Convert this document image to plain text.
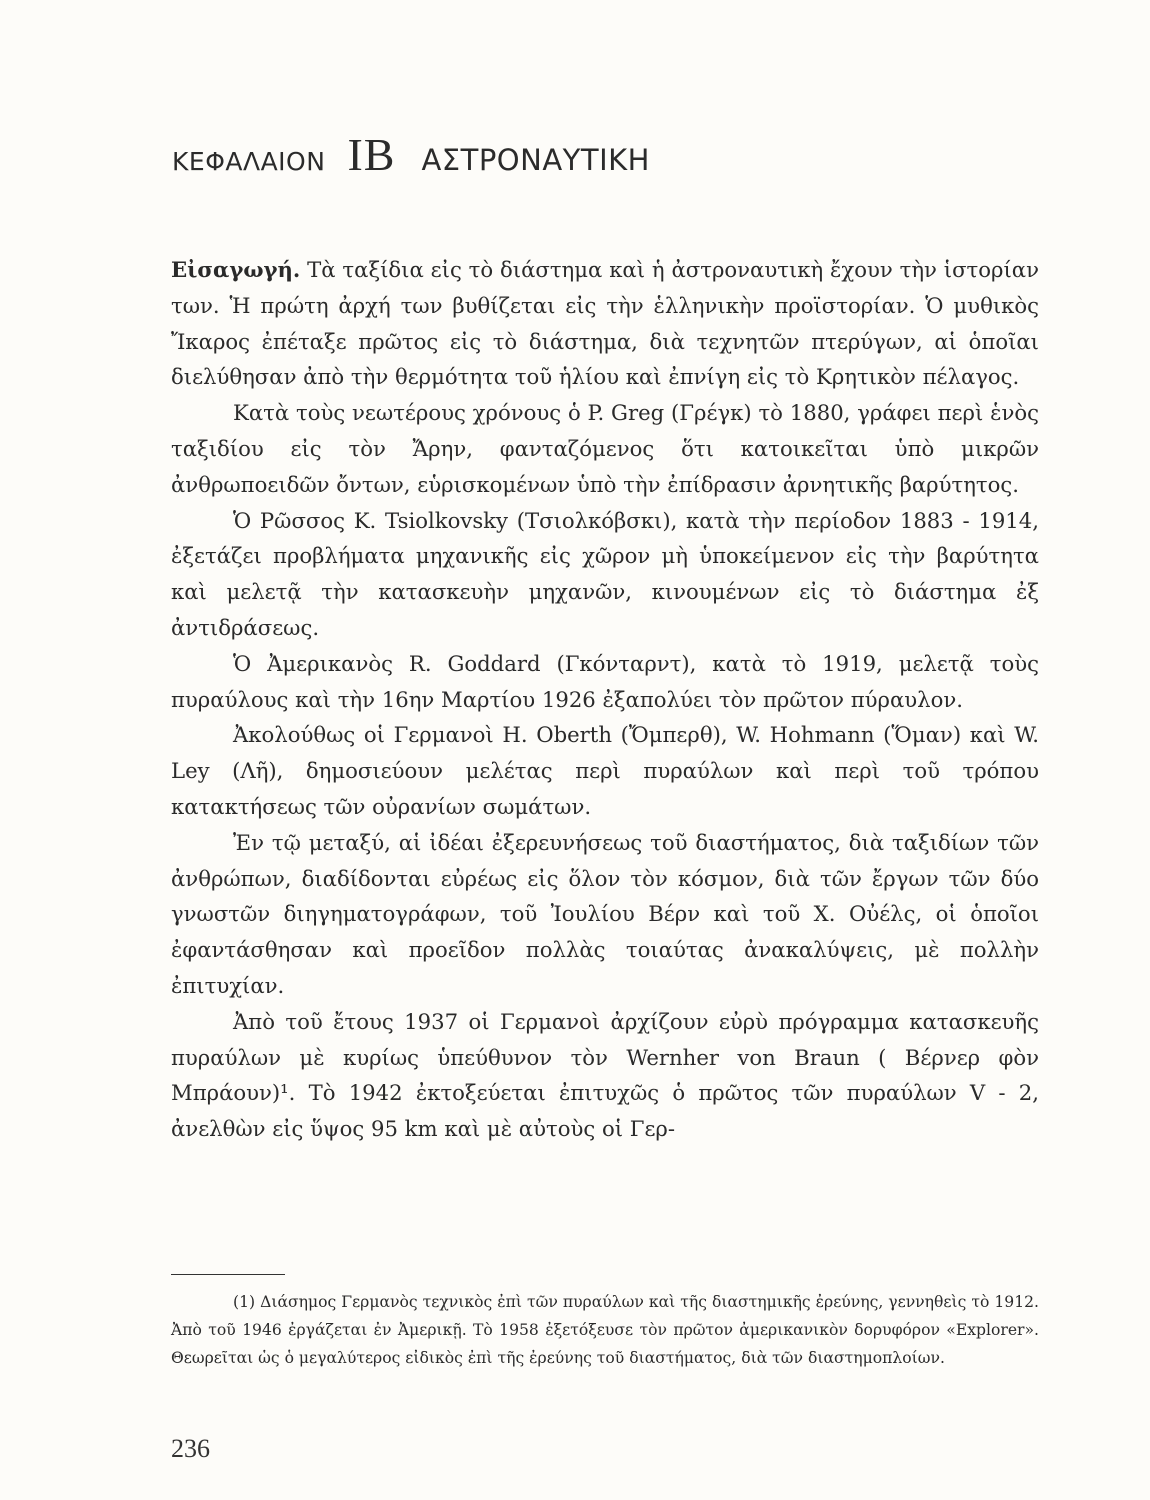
ΚΕΦΑΛΑΙΟΝ ΙΒ ΑΣΤΡΟΝΑΥΤΙΚΗ

Εἰσαγωγή. Τὰ ταξίδια εἰς τὸ διάστημα καὶ ἡ ἀστροναυτικὴ ἔχουν τὴν ἱστορίαν των. Ἡ πρώτη ἀρχή των βυθίζεται εἰς τὴν ἑλληνικὴν προϊστορίαν. Ὁ μυθικὸς Ἴκαρος ἐπέταξε πρῶτος εἰς τὸ διάστημα, διὰ τεχνητῶν πτερύγων, αἱ ὁποῖαι διελύθησαν ἀπὸ τὴν θερμότητα τοῦ ἡλίου καὶ ἐπνίγη εἰς τὸ Κρητικὸν πέλαγος.

Κατὰ τοὺς νεωτέρους χρόνους ὁ P. Greg (Γρέγκ) τὸ 1880, γράφει περὶ ἑνὸς ταξιδίου εἰς τὸν Ἄρην, φανταζόμενος ὅτι κατοικεῖται ὑπὸ μικρῶν ἀνθρωποειδῶν ὄντων, εὑρισκομένων ὑπὸ τὴν ἐπίδρασιν ἀρνητικῆς βαρύτητος.

Ὁ Ρῶσσος K. Tsiolkovsky (Τσιολκόβσκι), κατὰ τὴν περίοδον 1883 - 1914, ἐξετάζει προβλήματα μηχανικῆς εἰς χῶρον μὴ ὑποκείμενον εἰς τὴν βαρύτητα καὶ μελετᾷ τὴν κατασκευὴν μηχανῶν, κινουμένων εἰς τὸ διάστημα ἐξ ἀντιδράσεως.

Ὁ Ἀμερικανὸς R. Goddard (Γκόνταρντ), κατὰ τὸ 1919, μελετᾷ τοὺς πυραύλους καὶ τὴν 16ην Μαρτίου 1926 ἐξαπολύει τὸν πρῶτον πύραυλον.

Ἀκολούθως οἱ Γερμανοὶ H. Oberth (Ὄμπερθ), W. Hohmann (Ὅμαν) καὶ W. Ley (Λῆ), δημοσιεύουν μελέτας περὶ πυραύλων καὶ περὶ τοῦ τρόπου κατακτήσεως τῶν οὐρανίων σωμάτων.

Ἐν τῷ μεταξύ, αἱ ἰδέαι ἐξερευνήσεως τοῦ διαστήματος, διὰ ταξιδίων τῶν ἀνθρώπων, διαδίδονται εὐρέως εἰς ὅλον τὸν κόσμον, διὰ τῶν ἔργων τῶν δύο γνωστῶν διηγηματογράφων, τοῦ Ἰουλίου Βέρν καὶ τοῦ Χ. Οὐέλς, οἱ ὁποῖοι ἐφαντάσθησαν καὶ προεῖδον πολλὰς τοιαύτας ἀνακαλύψεις, μὲ πολλὴν ἐπιτυχίαν.

Ἀπὸ τοῦ ἔτους 1937 οἱ Γερμανοὶ ἀρχίζουν εὐρὺ πρόγραμμα κατασκευῆς πυραύλων μὲ κυρίως ὑπεύθυνον τὸν Wernher von Braun ( Βέρνερ φὸν Μπράουν)¹. Τὸ 1942 ἐκτοξεύεται ἐπιτυχῶς ὁ πρῶτος τῶν πυραύλων V - 2, ἀνελθὼν εἰς ὕψος 95 km καὶ μὲ αὐτοὺς οἱ Γερ-

(1) Διάσημος Γερμανὸς τεχνικὸς ἐπὶ τῶν πυραύλων καὶ τῆς διαστημικῆς ἐρεύνης, γεννηθεὶς τὸ 1912. Ἀπὸ τοῦ 1946 ἐργάζεται ἐν Ἀμερικῇ. Τὸ 1958 ἐξετόξευσε τὸν πρῶτον ἀμερικανικὸν δορυφόρον «Explorer». Θεωρεῖται ὡς ὁ μεγαλύτερος εἰδικὸς ἐπὶ τῆς ἐρεύνης τοῦ διαστήματος, διὰ τῶν διαστημοπλοίων.

236
